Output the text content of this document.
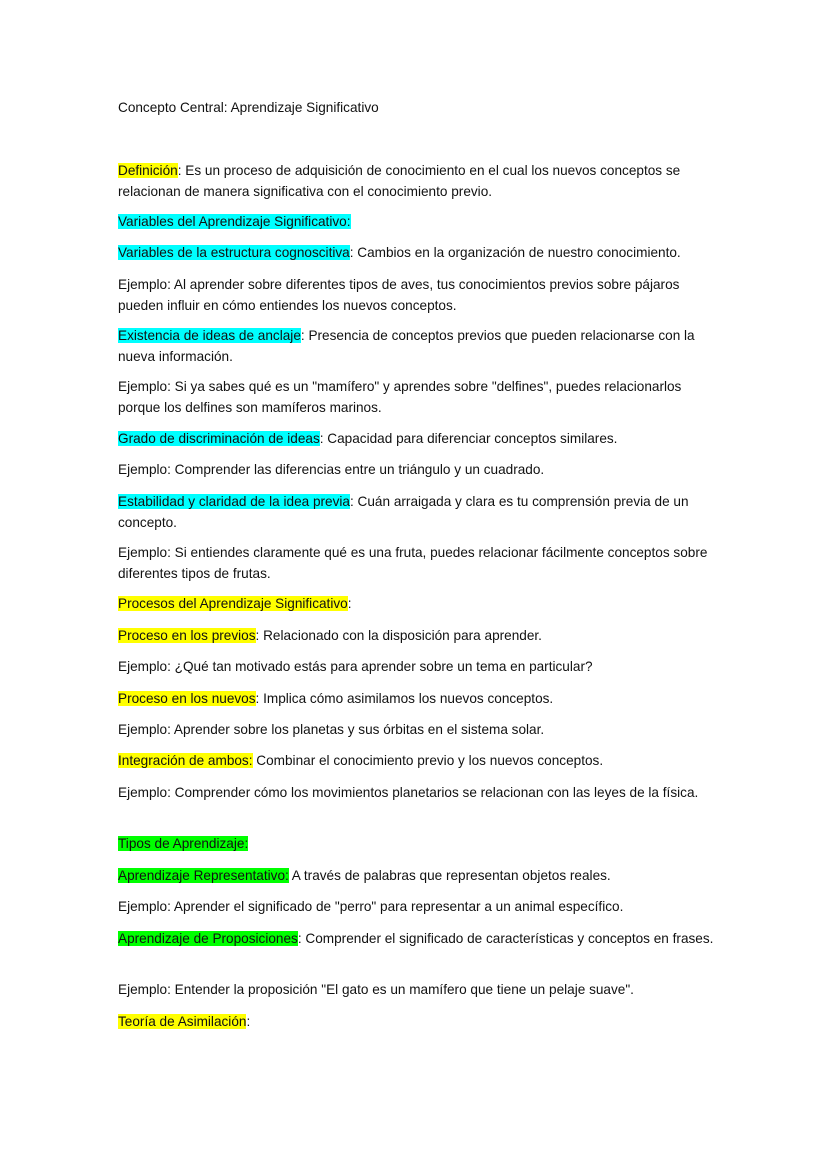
Concepto Central: Aprendizaje Significativo
Definición: Es un proceso de adquisición de conocimiento en el cual los nuevos conceptos se relacionan de manera significativa con el conocimiento previo.
Variables del Aprendizaje Significativo:
Variables de la estructura cognoscitiva: Cambios en la organización de nuestro conocimiento.
Ejemplo: Al aprender sobre diferentes tipos de aves, tus conocimientos previos sobre pájaros pueden influir en cómo entiendes los nuevos conceptos.
Existencia de ideas de anclaje: Presencia de conceptos previos que pueden relacionarse con la nueva información.
Ejemplo: Si ya sabes qué es un "mamífero" y aprendes sobre "delfines", puedes relacionarlos porque los delfines son mamíferos marinos.
Grado de discriminación de ideas: Capacidad para diferenciar conceptos similares.
Ejemplo: Comprender las diferencias entre un triángulo y un cuadrado.
Estabilidad y claridad de la idea previa: Cuán arraigada y clara es tu comprensión previa de un concepto.
Ejemplo: Si entiendes claramente qué es una fruta, puedes relacionar fácilmente conceptos sobre diferentes tipos de frutas.
Procesos del Aprendizaje Significativo:
Proceso en los previos: Relacionado con la disposición para aprender.
Ejemplo: ¿Qué tan motivado estás para aprender sobre un tema en particular?
Proceso en los nuevos: Implica cómo asimilamos los nuevos conceptos.
Ejemplo: Aprender sobre los planetas y sus órbitas en el sistema solar.
Integración de ambos: Combinar el conocimiento previo y los nuevos conceptos.
Ejemplo: Comprender cómo los movimientos planetarios se relacionan con las leyes de la física.
Tipos de Aprendizaje:
Aprendizaje Representativo: A través de palabras que representan objetos reales.
Ejemplo: Aprender el significado de "perro" para representar a un animal específico.
Aprendizaje de Proposiciones: Comprender el significado de características y conceptos en frases.
Ejemplo: Entender la proposición "El gato es un mamífero que tiene un pelaje suave".
Teoría de Asimilación:
